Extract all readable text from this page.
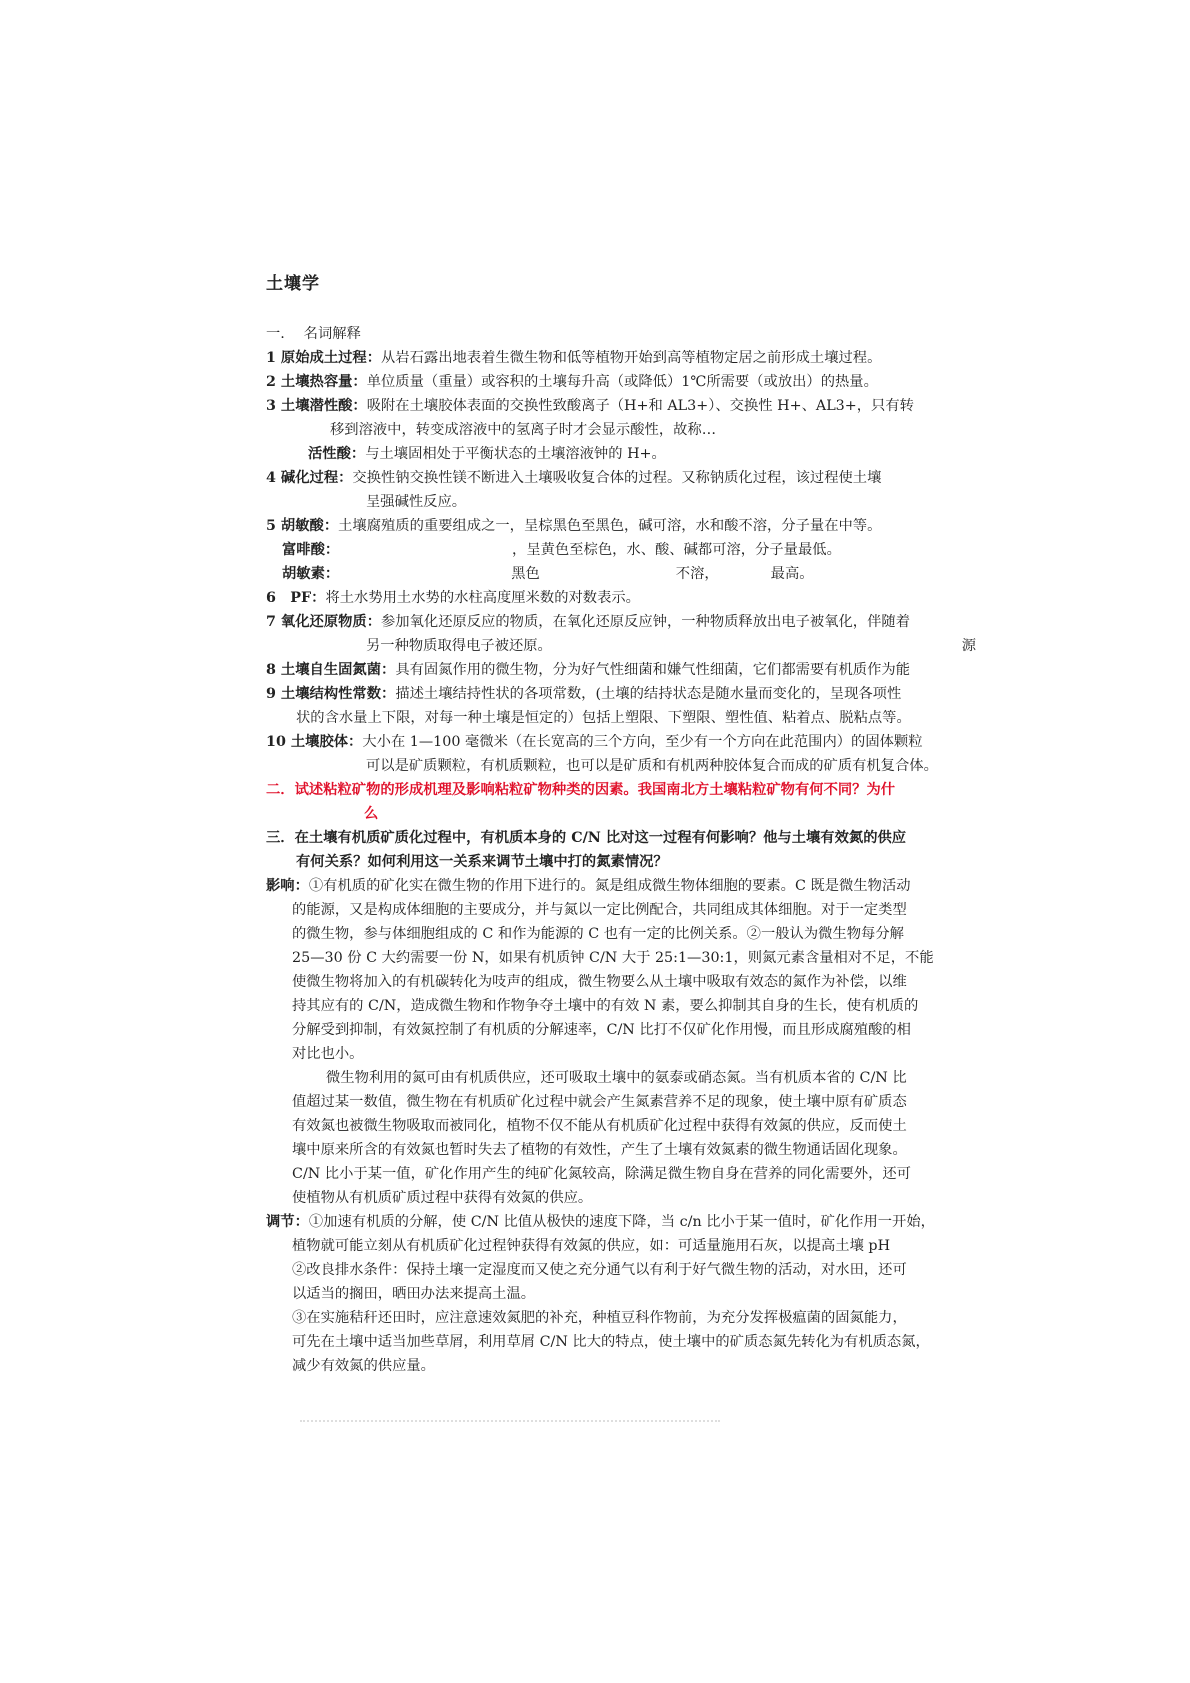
土壤学
一.　 名词解释
1 原始成土过程：从岩石露出地表着生微生物和低等植物开始到高等植物定居之前形成土壤过程。
2 土壤热容量：单位质量（重量）或容积的土壤每升高（或降低）1℃所需要（或放出）的热量。
3 土壤潜性酸：吸附在土壤胶体表面的交换性致酸离子（H+和 AL3+）、交换性 H+、AL3+，只有转
移到溶液中，转变成溶液中的氢离子时才会显示酸性，故称…
活性酸：与土壤固相处于平衡状态的土壤溶液钟的 H+。
4 碱化过程：交换性钠交换性镁不断进入土壤吸收复合体的过程。又称钠质化过程，该过程使土壤
呈强碱性反应。
5 胡敏酸：土壤腐殖质的重要组成之一，呈棕黑色至黑色，碱可溶，水和酸不溶，分子量在中等。
富啡酸：	，呈黄色至棕色，水、酸、碱都可溶，分子量最低。
胡敏素：	黑色	不溶，	最高。
6　PF：将土水势用土水势的水柱高度厘米数的对数表示。
7 氧化还原物质：参加氧化还原反应的物质，在氧化还原反应钟，一种物质释放出电子被氧化，伴随着
另一种物质取得电子被还原。	源
8 土壤自生固氮菌：具有固氮作用的微生物，分为好气性细菌和嫌气性细菌，它们都需要有机质作为能
9 土壤结构性常数：描述土壤结持性状的各项常数，(土壤的结持状态是随水量而变化的，呈现各项性
状的含水量上下限，对每一种土壤是恒定的）包括上塑限、下塑限、塑性值、粘着点、脱粘点等。
10 土壤胶体：大小在 1—100 毫微米（在长宽高的三个方向，至少有一个方向在此范围内）的固体颗粒
可以是矿质颗粒，有机质颗粒，也可以是矿质和有机两种胶体复合而成的矿质有机复合体。
二．试述粘粒矿物的形成机理及影响粘粒矿物种类的因素。我国南北方土壤粘粒矿物有何不同？为什
么
三．在土壤有机质矿质化过程中，有机质本身的 C/N 比对这一过程有何影响？他与土壤有效氮的供应
有何关系？如何利用这一关系来调节土壤中打的氮素情况？
影响：①有机质的矿化实在微生物的作用下进行的。氮是组成微生物体细胞的要素。C 既是微生物活动
的能源，又是构成体细胞的主要成分，并与氮以一定比例配合，共同组成其体细胞。对于一定类型
的微生物，参与体细胞组成的 C 和作为能源的 C 也有一定的比例关系。②一般认为微生物每分解
25—30 份 C 大约需要一份 N，如果有机质钟 C/N 大于 25:1—30:1，则氮元素含量相对不足，不能
使微生物将加入的有机碳转化为吱声的组成，微生物要么从土壤中吸取有效态的氮作为补偿，以维
持其应有的 C/N，造成微生物和作物争夺土壤中的有效 N 素，要么抑制其自身的生长，使有机质的
分解受到抑制，有效氮控制了有机质的分解速率，C/N 比打不仅矿化作用慢，而且形成腐殖酸的相
对比也小。
微生物利用的氮可由有机质供应，还可吸取土壤中的氨泰或硝态氮。当有机质本省的 C/N 比
值超过某一数值，微生物在有机质矿化过程中就会产生氮素营养不足的现象，使土壤中原有矿质态
有效氮也被微生物吸取而被同化，植物不仅不能从有机质矿化过程中获得有效氮的供应，反而使土
壤中原来所含的有效氮也暂时失去了植物的有效性，产生了土壤有效氮素的微生物通话固化现象。
C/N 比小于某一值，矿化作用产生的纯矿化氮较高，除满足微生物自身在营养的同化需要外，还可
使植物从有机质矿质过程中获得有效氮的供应。
调节：①加速有机质的分解，使 C/N 比值从极快的速度下降，当 c/n 比小于某一值时，矿化作用一开始，
植物就可能立刻从有机质矿化过程钟获得有效氮的供应，如：可适量施用石灰，以提高土壤 pH
②改良排水条件：保持土壤一定湿度而又使之充分通气以有利于好气微生物的活动，对水田，还可
以适当的搁田，晒田办法来提高土温。
③在实施秸秆还田时，应注意速效氮肥的补充，种植豆科作物前，为充分发挥极瘟菌的固氮能力，
可先在土壤中适当加些草屑，利用草屑 C/N 比大的特点，使土壤中的矿质态氮先转化为有机质态氮，
减少有效氮的供应量。
